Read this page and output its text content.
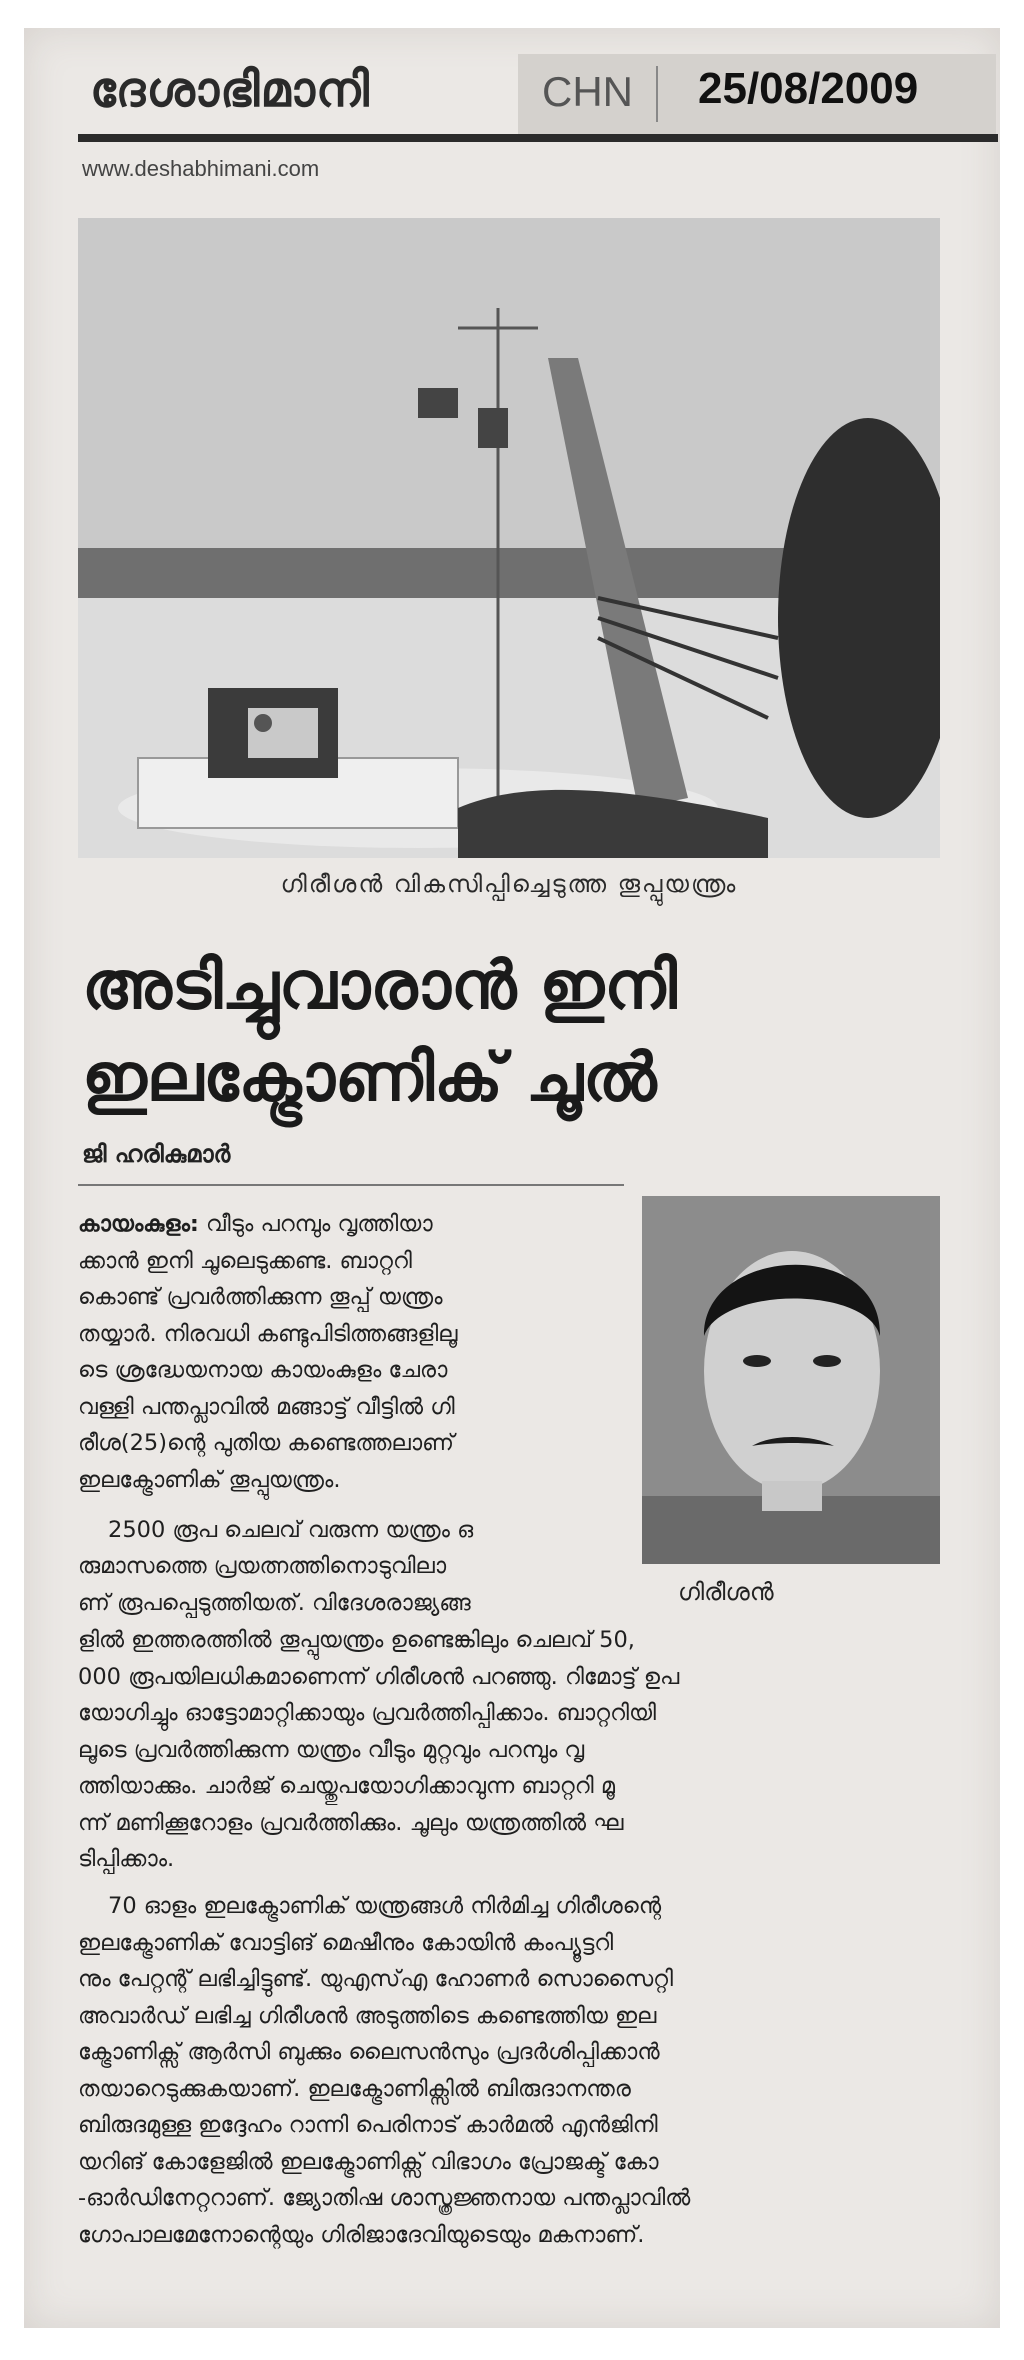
ദേശാഭിമാനി	CHN 25/08/2009
www.deshabhimani.com
ഗിരീശൻ വികസിപ്പിച്ചെടുത്ത തൂപ്പുയന്ത്രം
അടിച്ചുവാരാൻ ഇനി
ഇലക്ട്രോണിക് ചൂൽ
ജി ഹരികുമാർ
ഗിരീശൻ
കായംകുളം: വീടും പറമ്പും വൃത്തിയാ
ക്കാൻ ഇനി ചൂലെടുക്കണ്ട. ബാറ്ററി
കൊണ്ട് പ്രവർത്തിക്കുന്ന തൂപ്പ് യന്ത്രം
തയ്യാർ. നിരവധി കണ്ടുപിടിത്തങ്ങളിലൂ
ടെ ശ്രദ്ധേയനായ കായംകുളം ചേരാ
വള്ളി പന്തപ്ലാവിൽ മങ്ങാട്ട് വീട്ടിൽ ഗി
രീശ(25)ന്റെ പുതിയ കണ്ടെത്തലാണ്
ഇലക്ട്രോണിക് തൂപ്പുയന്ത്രം.
2500 രൂപ ചെലവ് വരുന്ന യന്ത്രം ഒ
രുമാസത്തെ പ്രയത്നത്തിനൊടുവിലാ
ണ് രൂപപ്പെടുത്തിയത്. വിദേശരാജ്യങ്ങ
ളിൽ ഇത്തരത്തിൽ തൂപ്പുയന്ത്രം ഉണ്ടെങ്കിലും ചെലവ് 50,
000 രൂപയിലധികമാണെന്ന് ഗിരീശൻ പറഞ്ഞു. റിമോട്ട് ഉപ
യോഗിച്ചും ഓട്ടോമാറ്റിക്കായും പ്രവർത്തിപ്പിക്കാം. ബാറ്ററിയി
ലൂടെ പ്രവർത്തിക്കുന്ന യന്ത്രം വീടും മുറ്റവും പറമ്പും വൃ
ത്തിയാക്കും. ചാർജ് ചെയ്തുപയോഗിക്കാവുന്ന ബാറ്ററി മൂ
ന്ന് മണിക്കൂറോളം പ്രവർത്തിക്കും. ചൂലും യന്ത്രത്തിൽ ഘ
ടിപ്പിക്കാം.
70 ഓളം ഇലക്ട്രോണിക് യന്ത്രങ്ങൾ നിർമിച്ച ഗിരീശന്റെ
ഇലക്ട്രോണിക് വോട്ടിങ് മെഷീനും കോയിൻ കംപ്യൂട്ടറി
നും പേറ്റന്റ് ലഭിച്ചിട്ടുണ്ട്. യുഎസ്എ ഹോണർ സൊസൈറ്റി
അവാർഡ് ലഭിച്ച ഗിരീശൻ അടുത്തിടെ കണ്ടെത്തിയ ഇല
ക്ട്രോണിക്സ് ആർസി ബുക്കും ലൈസൻസും പ്രദർശിപ്പിക്കാൻ
തയാറെടുക്കുകയാണ്. ഇലക്ട്രോണിക്സിൽ ബിരുദാനന്തര
ബിരുദമുള്ള ഇദ്ദേഹം റാന്നി പെരിനാട് കാർമൽ എൻജിനി
യറിങ് കോളേജിൽ ഇലക്ട്രോണിക്സ് വിഭാഗം പ്രോജക്ട് കോ
-ഓർഡിനേറ്ററാണ്. ജ്യോതിഷ ശാസ്ത്രജ്ഞനായ പന്തപ്ലാവിൽ
ഗോപാലമേനോന്റെയും ഗിരിജാദേവിയുടെയും മകനാണ്.
